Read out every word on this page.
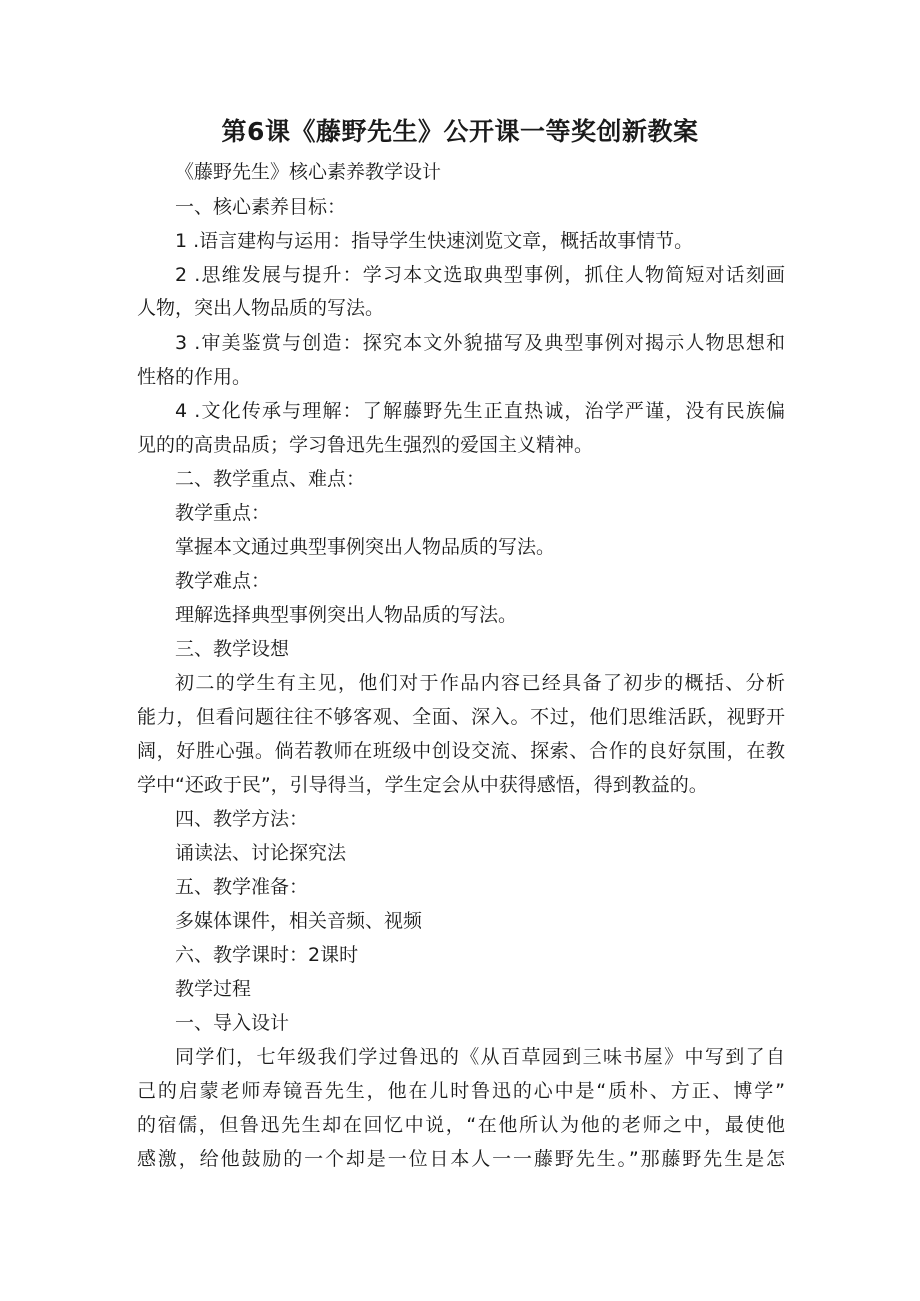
第6课《藤野先生》公开课一等奖创新教案
《藤野先生》核心素养教学设计
一、核心素养目标：
1 .语言建构与运用：指导学生快速浏览文章，概括故事情节。
2 .思维发展与提升：学习本文选取典型事例，抓住人物简短对话刻画
人物，突出人物品质的写法。
3 .审美鉴赏与创造：探究本文外貌描写及典型事例对揭示人物思想和
性格的作用。
4 .文化传承与理解：了解藤野先生正直热诚，治学严谨，没有民族偏
见的的高贵品质；学习鲁迅先生强烈的爱国主义精神。
二、教学重点、难点：
教学重点：
掌握本文通过典型事例突出人物品质的写法。
教学难点：
理解选择典型事例突出人物品质的写法。
三、教学设想
初二的学生有主见，他们对于作品内容已经具备了初步的概括、分析
能力，但看问题往往不够客观、全面、深入。不过，他们思维活跃，视野开
阔，好胜心强。倘若教师在班级中创设交流、探索、合作的良好氛围，在教
学中“还政于民”，引导得当，学生定会从中获得感悟，得到教益的。
四、教学方法：
诵读法、讨论探究法
五、教学准备：
多媒体课件，相关音频、视频
六、教学课时：2课时
教学过程
一、导入设计
同学们，七年级我们学过鲁迅的《从百草园到三味书屋》中写到了自
己的启蒙老师寿镜吾先生，他在儿时鲁迅的心中是“质朴、方正、博学”
的宿儒，但鲁迅先生却在回忆中说，“在他所认为他的老师之中，最使他
感激，给他鼓励的一个却是一位日本人一一藤野先生。”那藤野先生是怎
